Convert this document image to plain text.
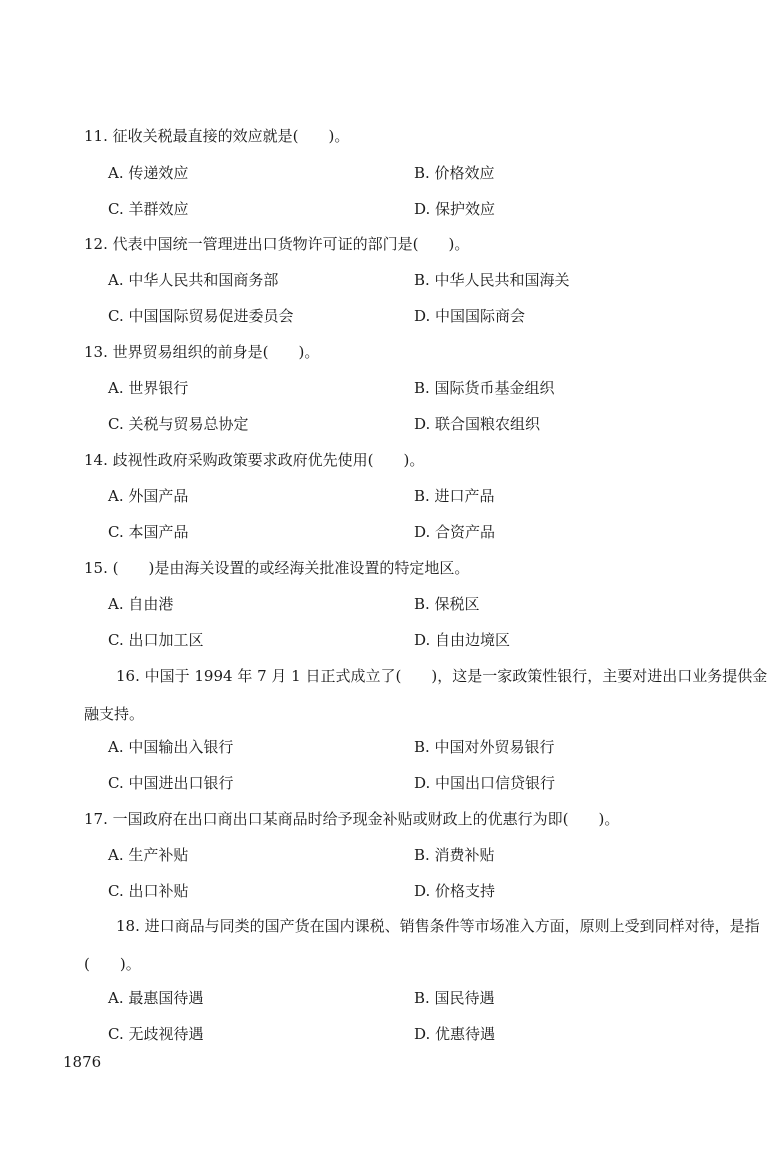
11. 征收关税最直接的效应就是(　　)。
A. 传递效应	B. 价格效应
C. 羊群效应	D. 保护效应
12. 代表中国统一管理进出口货物许可证的部门是(　　)。
A. 中华人民共和国商务部	B. 中华人民共和国海关
C. 中国国际贸易促进委员会	D. 中国国际商会
13. 世界贸易组织的前身是(　　)。
A. 世界银行	B. 国际货币基金组织
C. 关税与贸易总协定	D. 联合国粮农组织
14. 歧视性政府采购政策要求政府优先使用(　　)。
A. 外国产品	B. 进口产品
C. 本国产品	D. 合资产品
15. (　　)是由海关设置的或经海关批准设置的特定地区。
A. 自由港	B. 保税区
C. 出口加工区	D. 自由边境区
16. 中国于 1994 年 7 月 1 日正式成立了(　　)，这是一家政策性银行，主要对进出口业务提供金融支持。
A. 中国输出入银行	B. 中国对外贸易银行
C. 中国进出口银行	D. 中国出口信贷银行
17. 一国政府在出口商出口某商品时给予现金补贴或财政上的优惠行为即(　　)。
A. 生产补贴	B. 消费补贴
C. 出口补贴	D. 价格支持
18. 进口商品与同类的国产货在国内课税、销售条件等市场准入方面，原则上受到同样对待，是指(　　)。
A. 最惠国待遇	B. 国民待遇
C. 无歧视待遇	D. 优惠待遇
1876
